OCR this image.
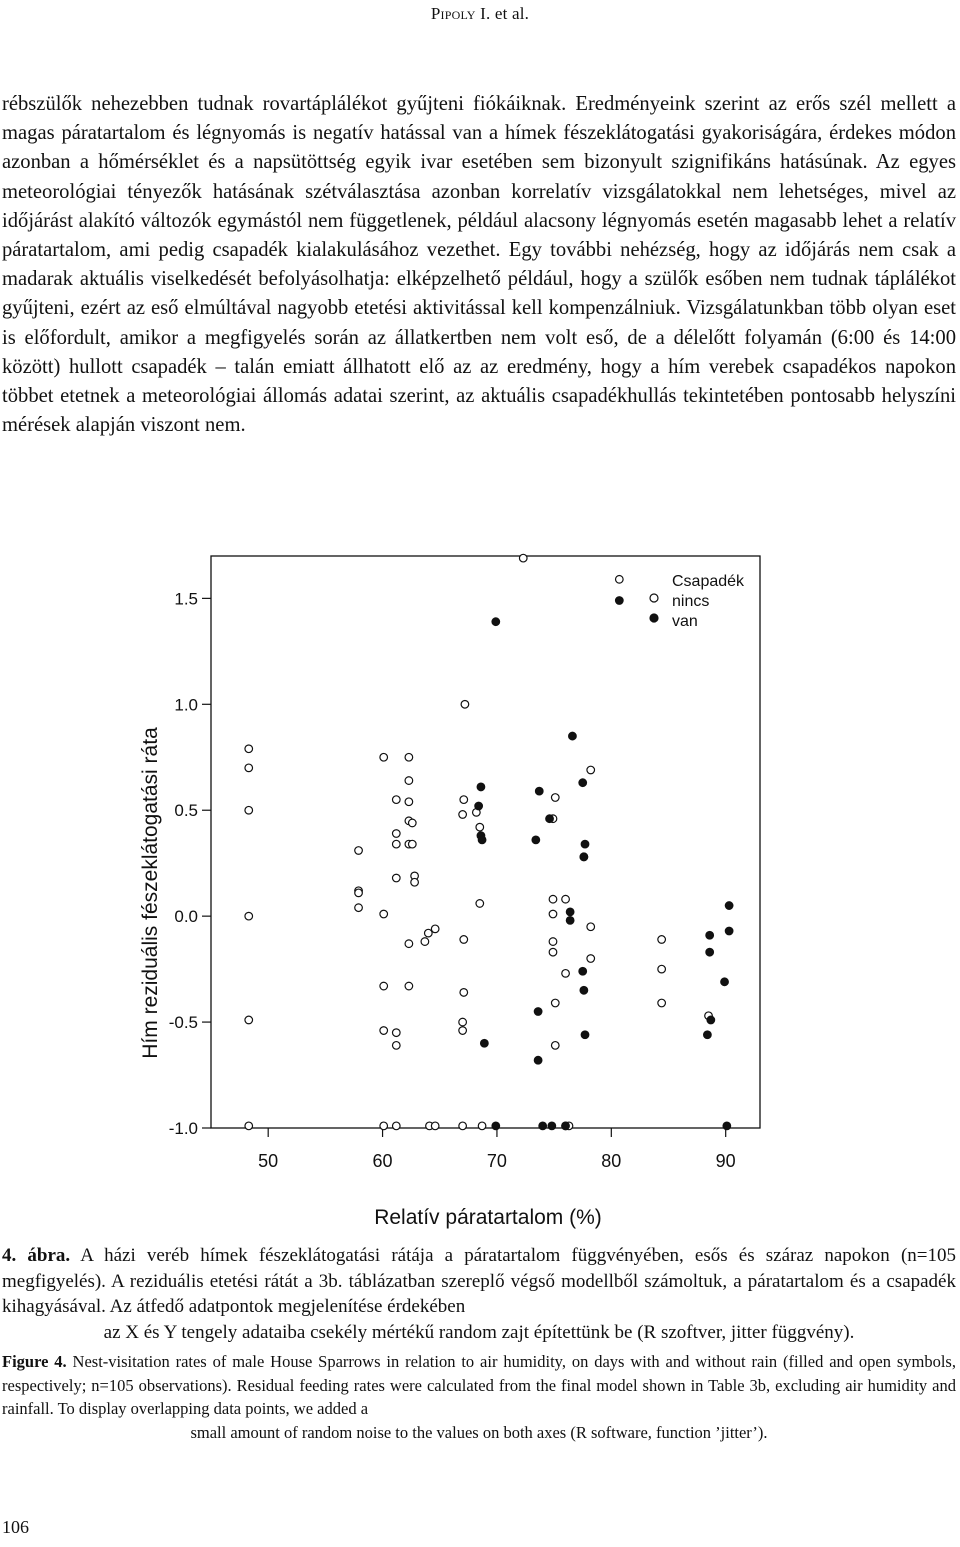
PIPOLY I. et al.

rébszülők nehezebben tudnak rovartáplálékot gyűjteni fiókáiknak. Eredményeink szerint az erős szél mellett a magas páratartalom és légnyomás is negatív hatással van a hímek fészeklátogatási gyakoriságára, érdekes módon azonban a hőmérséklet és a napsütöttség egyik ivar esetében sem bizonyult szignifikáns hatásúnak. Az egyes meteorológiai tényezők hatásának szétválasztása azonban korrelatív vizsgálatokkal nem lehetséges, mivel az időjárást alakító változók egymástól nem függetlenek, például alacsony légnyomás esetén magasabb lehet a relatív páratartalom, ami pedig csapadék kialakulásához vezethet. Egy további nehézség, hogy az időjárás nem csak a madarak aktuális viselkedését befolyásolhatja: elképzelhető például, hogy a szülők esőben nem tudnak táplálékot gyűjteni, ezért az eső elmúltával nagyobb etetési aktivitással kell kompenzálniuk. Vizsgálatunkban több olyan eset is előfordult, amikor a megfigyelés során az állatkertben nem volt eső, de a délelőtt folyamán (6:00 és 14:00 között) hullott csapadék – talán emiatt állhatott elő az az eredmény, hogy a hím verebek csapadékos napokon többet etetnek a meteorológiai állomás adatai szerint, az aktuális csapadékhullás tekintetében pontosabb helyszíni mérések alapján viszont nem.

50	60	70	80	90
-1.0
-0.5
0.0
0.5
1.0
1.5
Relatív páratartalom (%)
Hím reziduális fészeklátogatási ráta
Csapadék
nincs
van

4. ábra. A házi veréb hímek fészeklátogatási rátája a páratartalom függvényében, esős és száraz napokon (n=105 megfigyelés). A reziduális etetési rátát a 3b. táblázatban szereplő végső modellből számoltuk, a páratartalom és a csapadék kihagyásával. Az átfedő adatpontok megjelenítése érdekében
az X és Y tengely adataiba csekély mértékű random zajt építettünk be (R szoftver, jitter függvény).

Figure 4. Nest-visitation rates of male House Sparrows in relation to air humidity, on days with and without rain (filled and open symbols, respectively; n=105 observations). Residual feeding rates were calculated from the final model shown in Table 3b, excluding air humidity and rainfall. To display overlapping data points, we added a
small amount of random noise to the values on both axes (R software, function ’jitter’).

106
